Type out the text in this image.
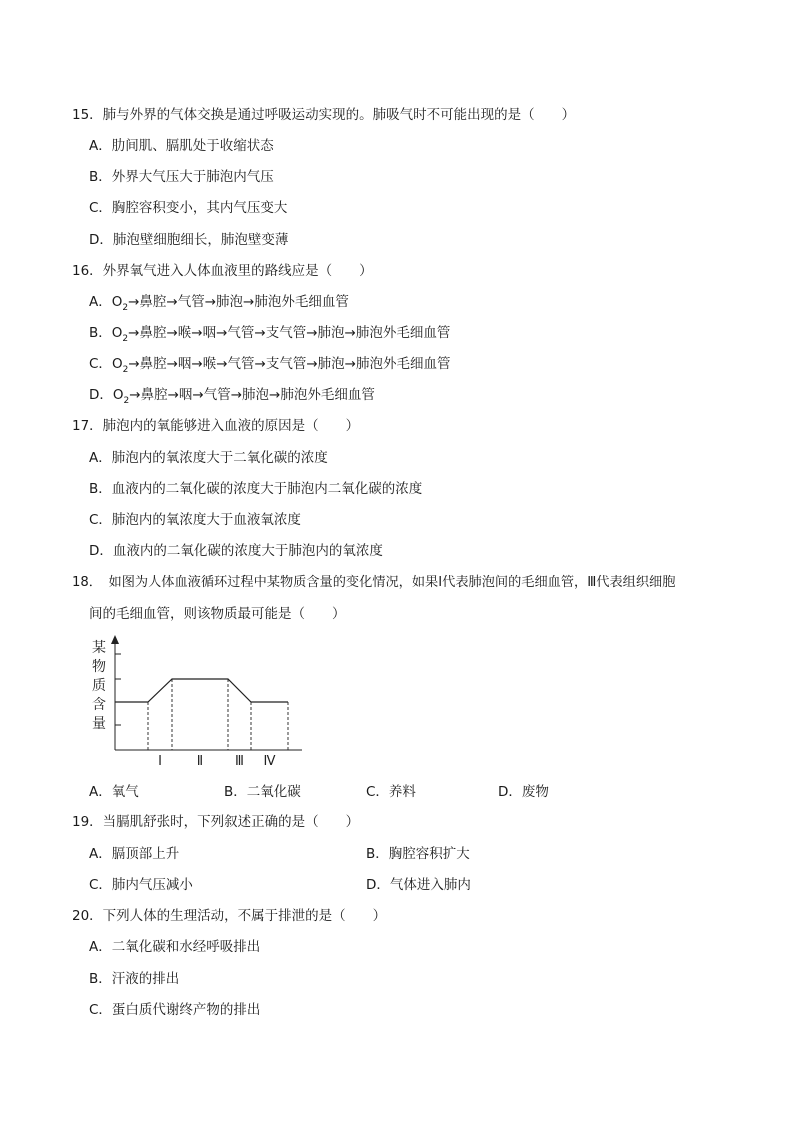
15．肺与外界的气体交换是通过呼吸运动实现的。肺吸气时不可能出现的是（　　）
A．肋间肌、膈肌处于收缩状态
B．外界大气压大于肺泡内气压
C．胸腔容积变小，其内气压变大
D．肺泡壁细胞细长，肺泡壁变薄
16．外界氧气进入人体血液里的路线应是（　　）
A．$O_2\to$鼻腔→气管→肺泡→肺泡外毛细血管
B．$O_2\to$鼻腔→喉→咽→气管→支气管→肺泡→肺泡外毛细血管
C．$O_2\to$鼻腔→咽→喉→气管→支气管→肺泡→肺泡外毛细血管
D．$O_2\to$鼻腔→咽→气管→肺泡→肺泡外毛细血管
17．肺泡内的氧能够进入血液的原因是（　　）
A．肺泡内的氧浓度大于二氧化碳的浓度
B．血液内的二氧化碳的浓度大于肺泡内二氧化碳的浓度
C．肺泡内的氧浓度大于血液氧浓度
D．血液内的二氧化碳的浓度大于肺泡内的氧浓度
18．　如图为人体血液循环过程中某物质含量的变化情况，如果Ⅰ代表肺泡间的毛细血管，Ⅲ代表组织细胞
间的毛细血管，则该物质最可能是（　　）
某
物
质
含
量
Ⅰ	Ⅱ Ⅲ Ⅳ
A．氧气	B．二氧化碳	C．养料	D．废物
19．当膈肌舒张时，下列叙述正确的是（　　）
A．膈顶部上升	B．胸腔容积扩大
C．肺内气压减小	D．气体进入肺内
20．下列人体的生理活动，不属于排泄的是（　　）
A．二氧化碳和水经呼吸排出
B．汗液的排出
C．蛋白质代谢终产物的排出
